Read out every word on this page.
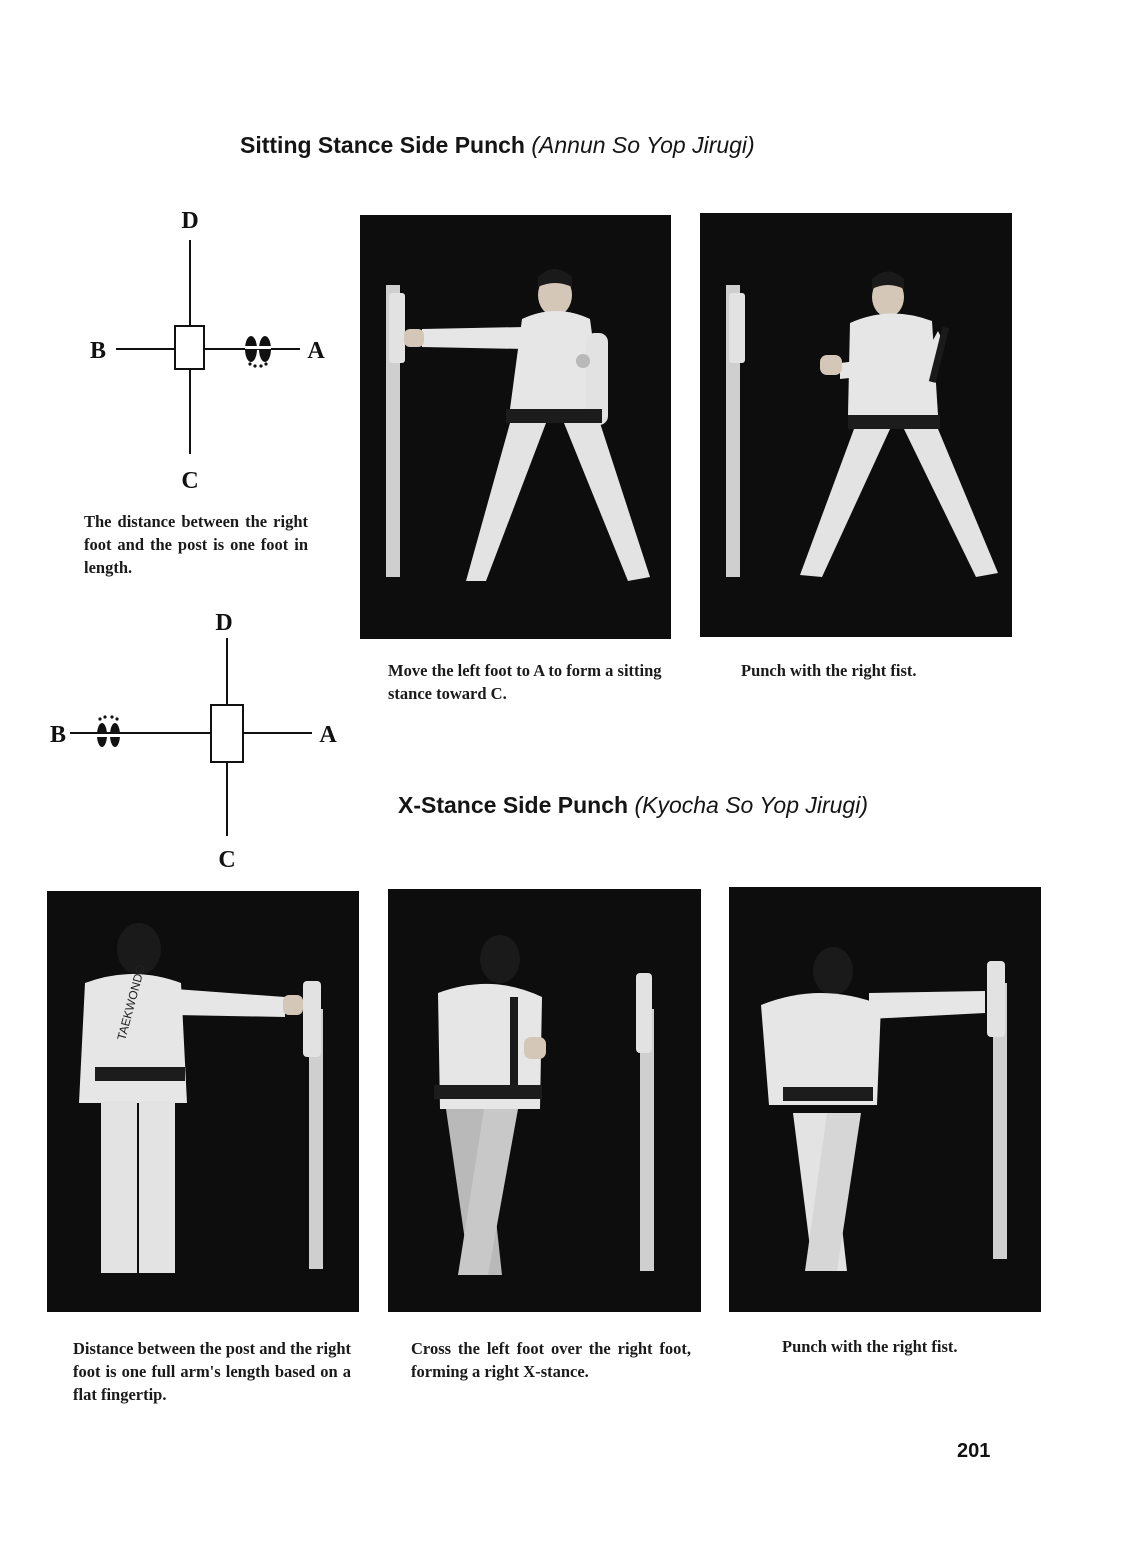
Sitting Stance Side Punch (Annun So Yop Jirugi)
D
B	A
C

The distance between the right foot and the post is one foot in length.

D
B	A
C

Move the left foot to A to form a sitting stance toward C.

Punch with the right fist.

X-Stance Side Punch (Kyocha So Yop Jirugi)
TAEKWONDO

Distance between the post and the right foot is one full arm's length based on a flat fingertip.

Cross the left foot over the right foot, forming a right X-stance.

Punch with the right fist.

201
